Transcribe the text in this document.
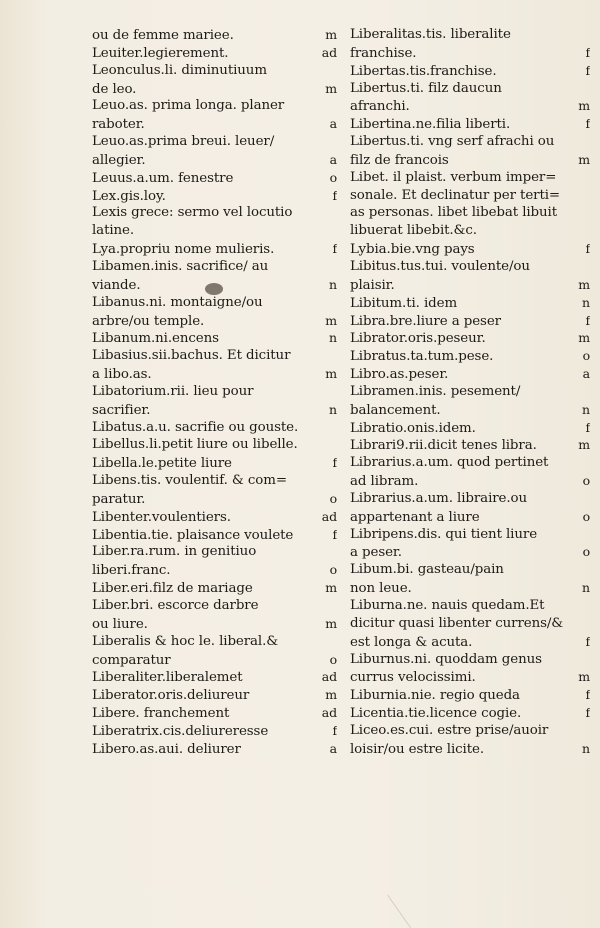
ou de femme mariee.	m
Leuiter.legierement.	ad
Leonculus.li. diminutiuum
de leo.	m
Leuo.as. prima longa. planer
raboter.	a
Leuo.as.prima breui. leuer/
allegier.	a
Leuus.a.um. fenestre	o
Lex.gis.loy.	f
Lexis grece: sermo vel locutio
latine.
Lya.propriu nome mulieris.	f
Libamen.inis. sacrifice/ au
viande.	n
Libanus.ni. montaigne/ou
arbre/ou temple.	m
Libanum.ni.encens	n
Libasius.sii.bachus. Et dicitur
a libo.as.	m
Libatorium.rii. lieu pour
sacrifier.	n
Libatus.a.u. sacrifie ou gouste.
Libellus.li.petit liure ou libelle.
Libella.le.petite liure	f
Libens.tis. voulentif. & com=
paratur.	o
Libenter.voulentiers.	ad
Libentia.tie. plaisance voulete	f
Liber.ra.rum. in genitiuo
liberi.franc.	o
Liber.eri.filz de mariage	m
Liber.bri. escorce darbre
ou liure.	m
Liberalis & hoc le. liberal.&
comparatur	o
Liberaliter.liberalemet	ad
Liberator.oris.deliureur	m
Libere. franchement	ad
Liberatrix.cis.deliureresse	f
Libero.as.aui. deliurer	a
Liberalitas.tis. liberalite
franchise.	f
Libertas.tis.franchise.	f
Libertus.ti. filz daucun
afranchi.	m
Libertina.ne.filia liberti.	f
Libertus.ti. vng serf afrachi ou
filz de francois	m
Libet. il plaist. verbum imper=
sonale. Et declinatur per terti=
as personas. libet libebat libuit
libuerat libebit.&c.
Lybia.bie.vng pays	f
Libitus.tus.tui. voulente/ou
plaisir.	m
Libitum.ti. idem	n
Libra.bre.liure a peser	f
Librator.oris.peseur.	m
Libratus.ta.tum.pese.	o
Libro.as.peser.	a
Libramen.inis. pesement/
balancement.	n
Libratio.onis.idem.	f
Librari9.rii.dicit tenes libra.	m
Librarius.a.um. quod pertinet
ad libram.	o
Librarius.a.um. libraire.ou
appartenant a liure	o
Libripens.dis. qui tient liure
a peser.	o
Libum.bi. gasteau/pain
non leue.	n
Liburna.ne. nauis quedam.Et
dicitur quasi libenter currens/&
est longa & acuta.	f
Liburnus.ni. quoddam genus
currus velocissimi.	m
Liburnia.nie. regio queda	f
Licentia.tie.licence cogie.	f
Liceo.es.cui. estre prise/auoir
loisir/ou estre licite.	n
